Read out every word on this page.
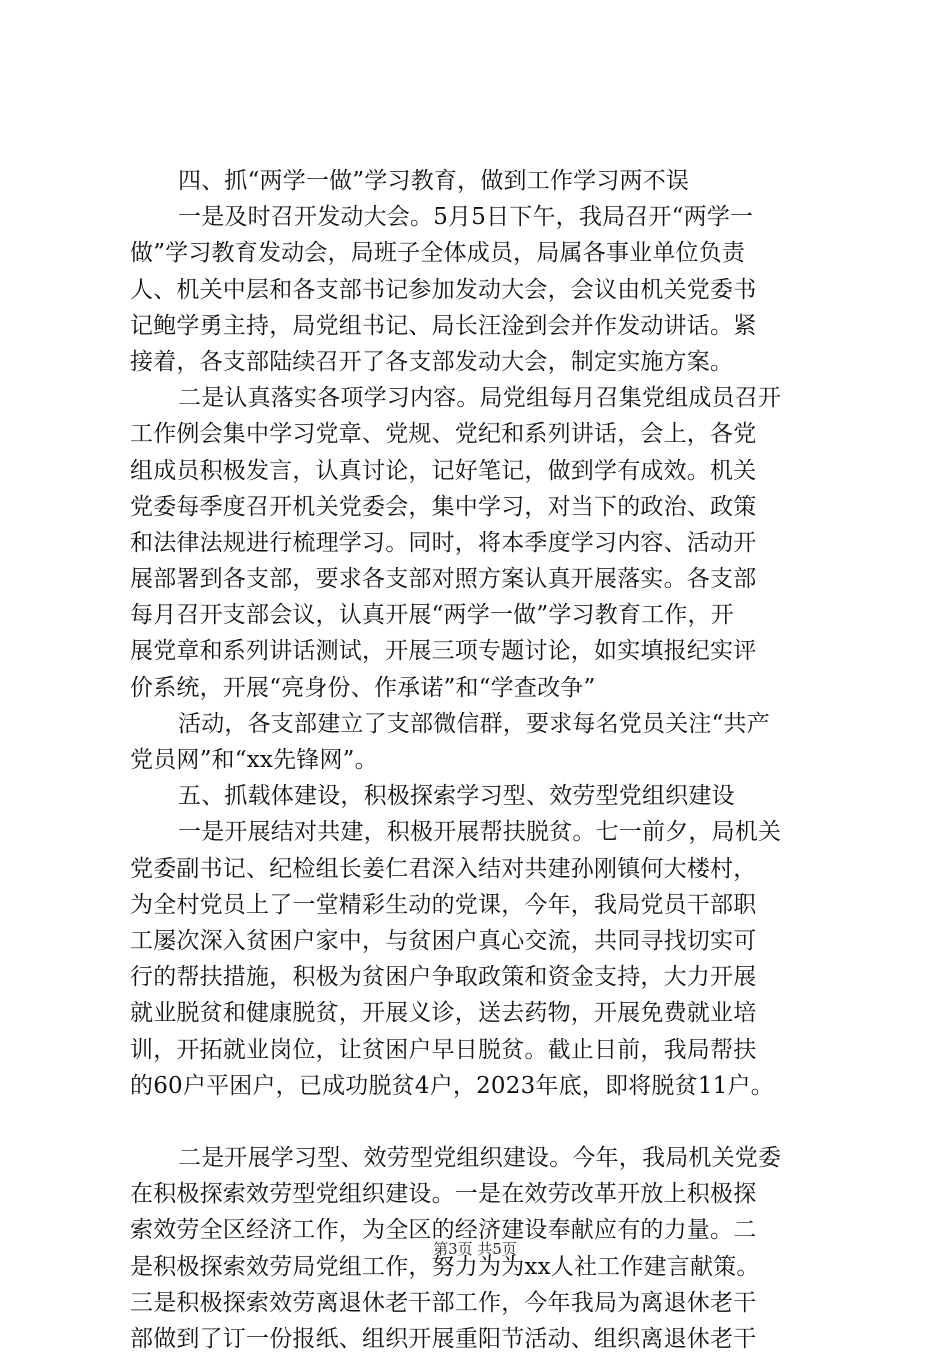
四、抓“两学一做”学习教育，做到工作学习两不误
一是及时召开发动大会。5月5日下午，我局召开“两学一
做”学习教育发动会，局班子全体成员，局属各事业单位负责
人、机关中层和各支部书记参加发动大会，会议由机关党委书
记鲍学勇主持，局党组书记、局长汪淦到会并作发动讲话。紧
接着，各支部陆续召开了各支部发动大会，制定实施方案。
二是认真落实各项学习内容。局党组每月召集党组成员召开
工作例会集中学习党章、党规、党纪和系列讲话，会上，各党
组成员积极发言，认真讨论，记好笔记，做到学有成效。机关
党委每季度召开机关党委会，集中学习，对当下的政治、政策
和法律法规进行梳理学习。同时，将本季度学习内容、活动开
展部署到各支部，要求各支部对照方案认真开展落实。各支部
每月召开支部会议，认真开展“两学一做”学习教育工作，开
展党章和系列讲话测试，开展三项专题讨论，如实填报纪实评
价系统，开展“亮身份、作承诺”和“学查改争”
活动，各支部建立了支部微信群，要求每名党员关注“共产
党员网”和“xx先锋网”。
五、抓载体建设，积极探索学习型、效劳型党组织建设
一是开展结对共建，积极开展帮扶脱贫。七一前夕，局机关
党委副书记、纪检组长姜仁君深入结对共建孙刚镇何大楼村，
为全村党员上了一堂精彩生动的党课，今年，我局党员干部职
工屡次深入贫困户家中，与贫困户真心交流，共同寻找切实可
行的帮扶措施，积极为贫困户争取政策和资金支持，大力开展
就业脱贫和健康脱贫，开展义诊，送去药物，开展免费就业培
训，开拓就业岗位，让贫困户早日脱贫。截止日前，我局帮扶
的60户平困户，已成功脱贫4户，2023年底，即将脱贫11户。
二是开展学习型、效劳型党组织建设。今年，我局机关党委
在积极探索效劳型党组织建设。一是在效劳改革开放上积极探
索效劳全区经济工作，为全区的经济建设奉献应有的力量。二
是积极探索效劳局党组工作，努力为为xx人社工作建言献策。
三是积极探索效劳离退休老干部工作，今年我局为离退休老干
部做到了订一份报纸、组织开展重阳节活动、组织离退休老干
第3页 共5页
